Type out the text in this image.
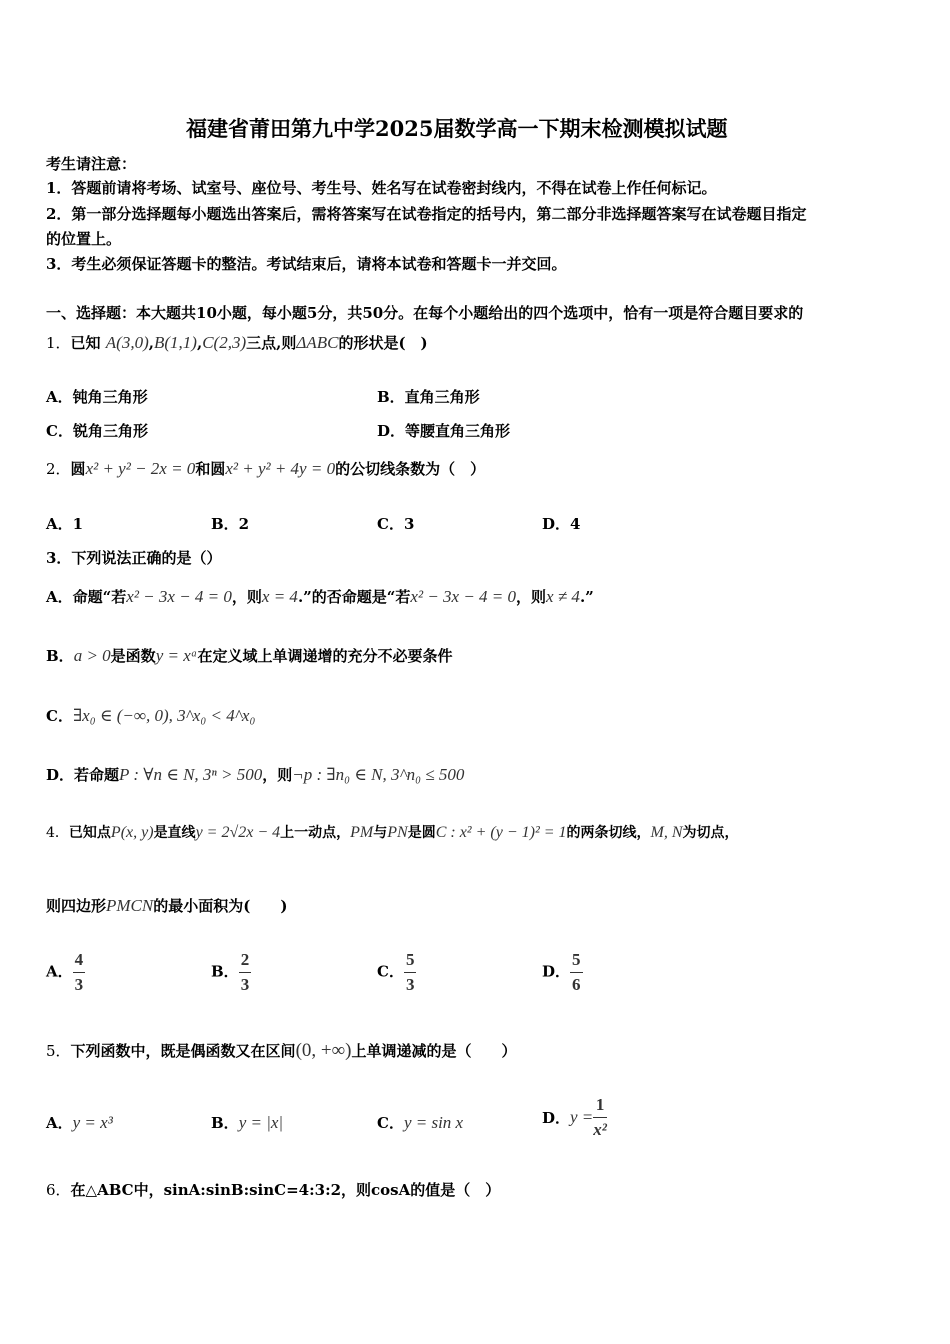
福建省莆田第九中学2025届数学高一下期末检测模拟试题
考生请注意：
1．答题前请将考场、试室号、座位号、考生号、姓名写在试卷密封线内，不得在试卷上作任何标记。
2．第一部分选择题每小题选出答案后，需将答案写在试卷指定的括号内，第二部分非选择题答案写在试卷题目指定
的位置上。
3．考生必须保证答题卡的整洁。考试结束后，请将本试卷和答题卡一并交回。
一、选择题：本大题共10小题，每小题5分，共50分。在每个小题给出的四个选项中，恰有一项是符合题目要求的
1．已知 A(3,0),B(1,1),C(2,3)三点,则ΔABC的形状是(　)
A．钝角三角形	B．直角三角形
C．锐角三角形	D．等腰直角三角形
2．圆x² + y² − 2x = 0和圆x² + y² + 4y = 0的公切线条数为（　）
A．1	B．2	C．3	D．4
3．下列说法正确的是（）
A．命题“若x² − 3x − 4 = 0，则x = 4.”的否命题是“若x² − 3x − 4 = 0，则x ≠ 4.”
B．a > 0是函数y = xᵃ在定义域上单调递增的充分不必要条件
C．∃x₀ ∈ (−∞, 0), 3^x₀ < 4^x₀
D．若命题P : ∀n ∈ N, 3ⁿ > 500，则¬p : ∃n₀ ∈ N, 3^n₀ ≤ 500
4．已知点P(x, y)是直线y = 2√2x − 4上一动点，PM与PN是圆C : x² + (y − 1)² = 1的两条切线，M, N为切点，
则四边形PMCN的最小面积为(　　)
A． $\frac{4}{3}$	B． $\frac{2}{3}$	C． $\frac{5}{3}$	D． $\frac{5}{6}$
5．下列函数中，既是偶函数又在区间(0, +∞)上单调递减的是（　　）
A．y = x³	B．y = |x|	C．y = sin x	D．$y = \frac{1}{\text{x²}}$
6．在△ABC中，sinA:sinB:sinC=4:3:2，则cosA的值是（　）
